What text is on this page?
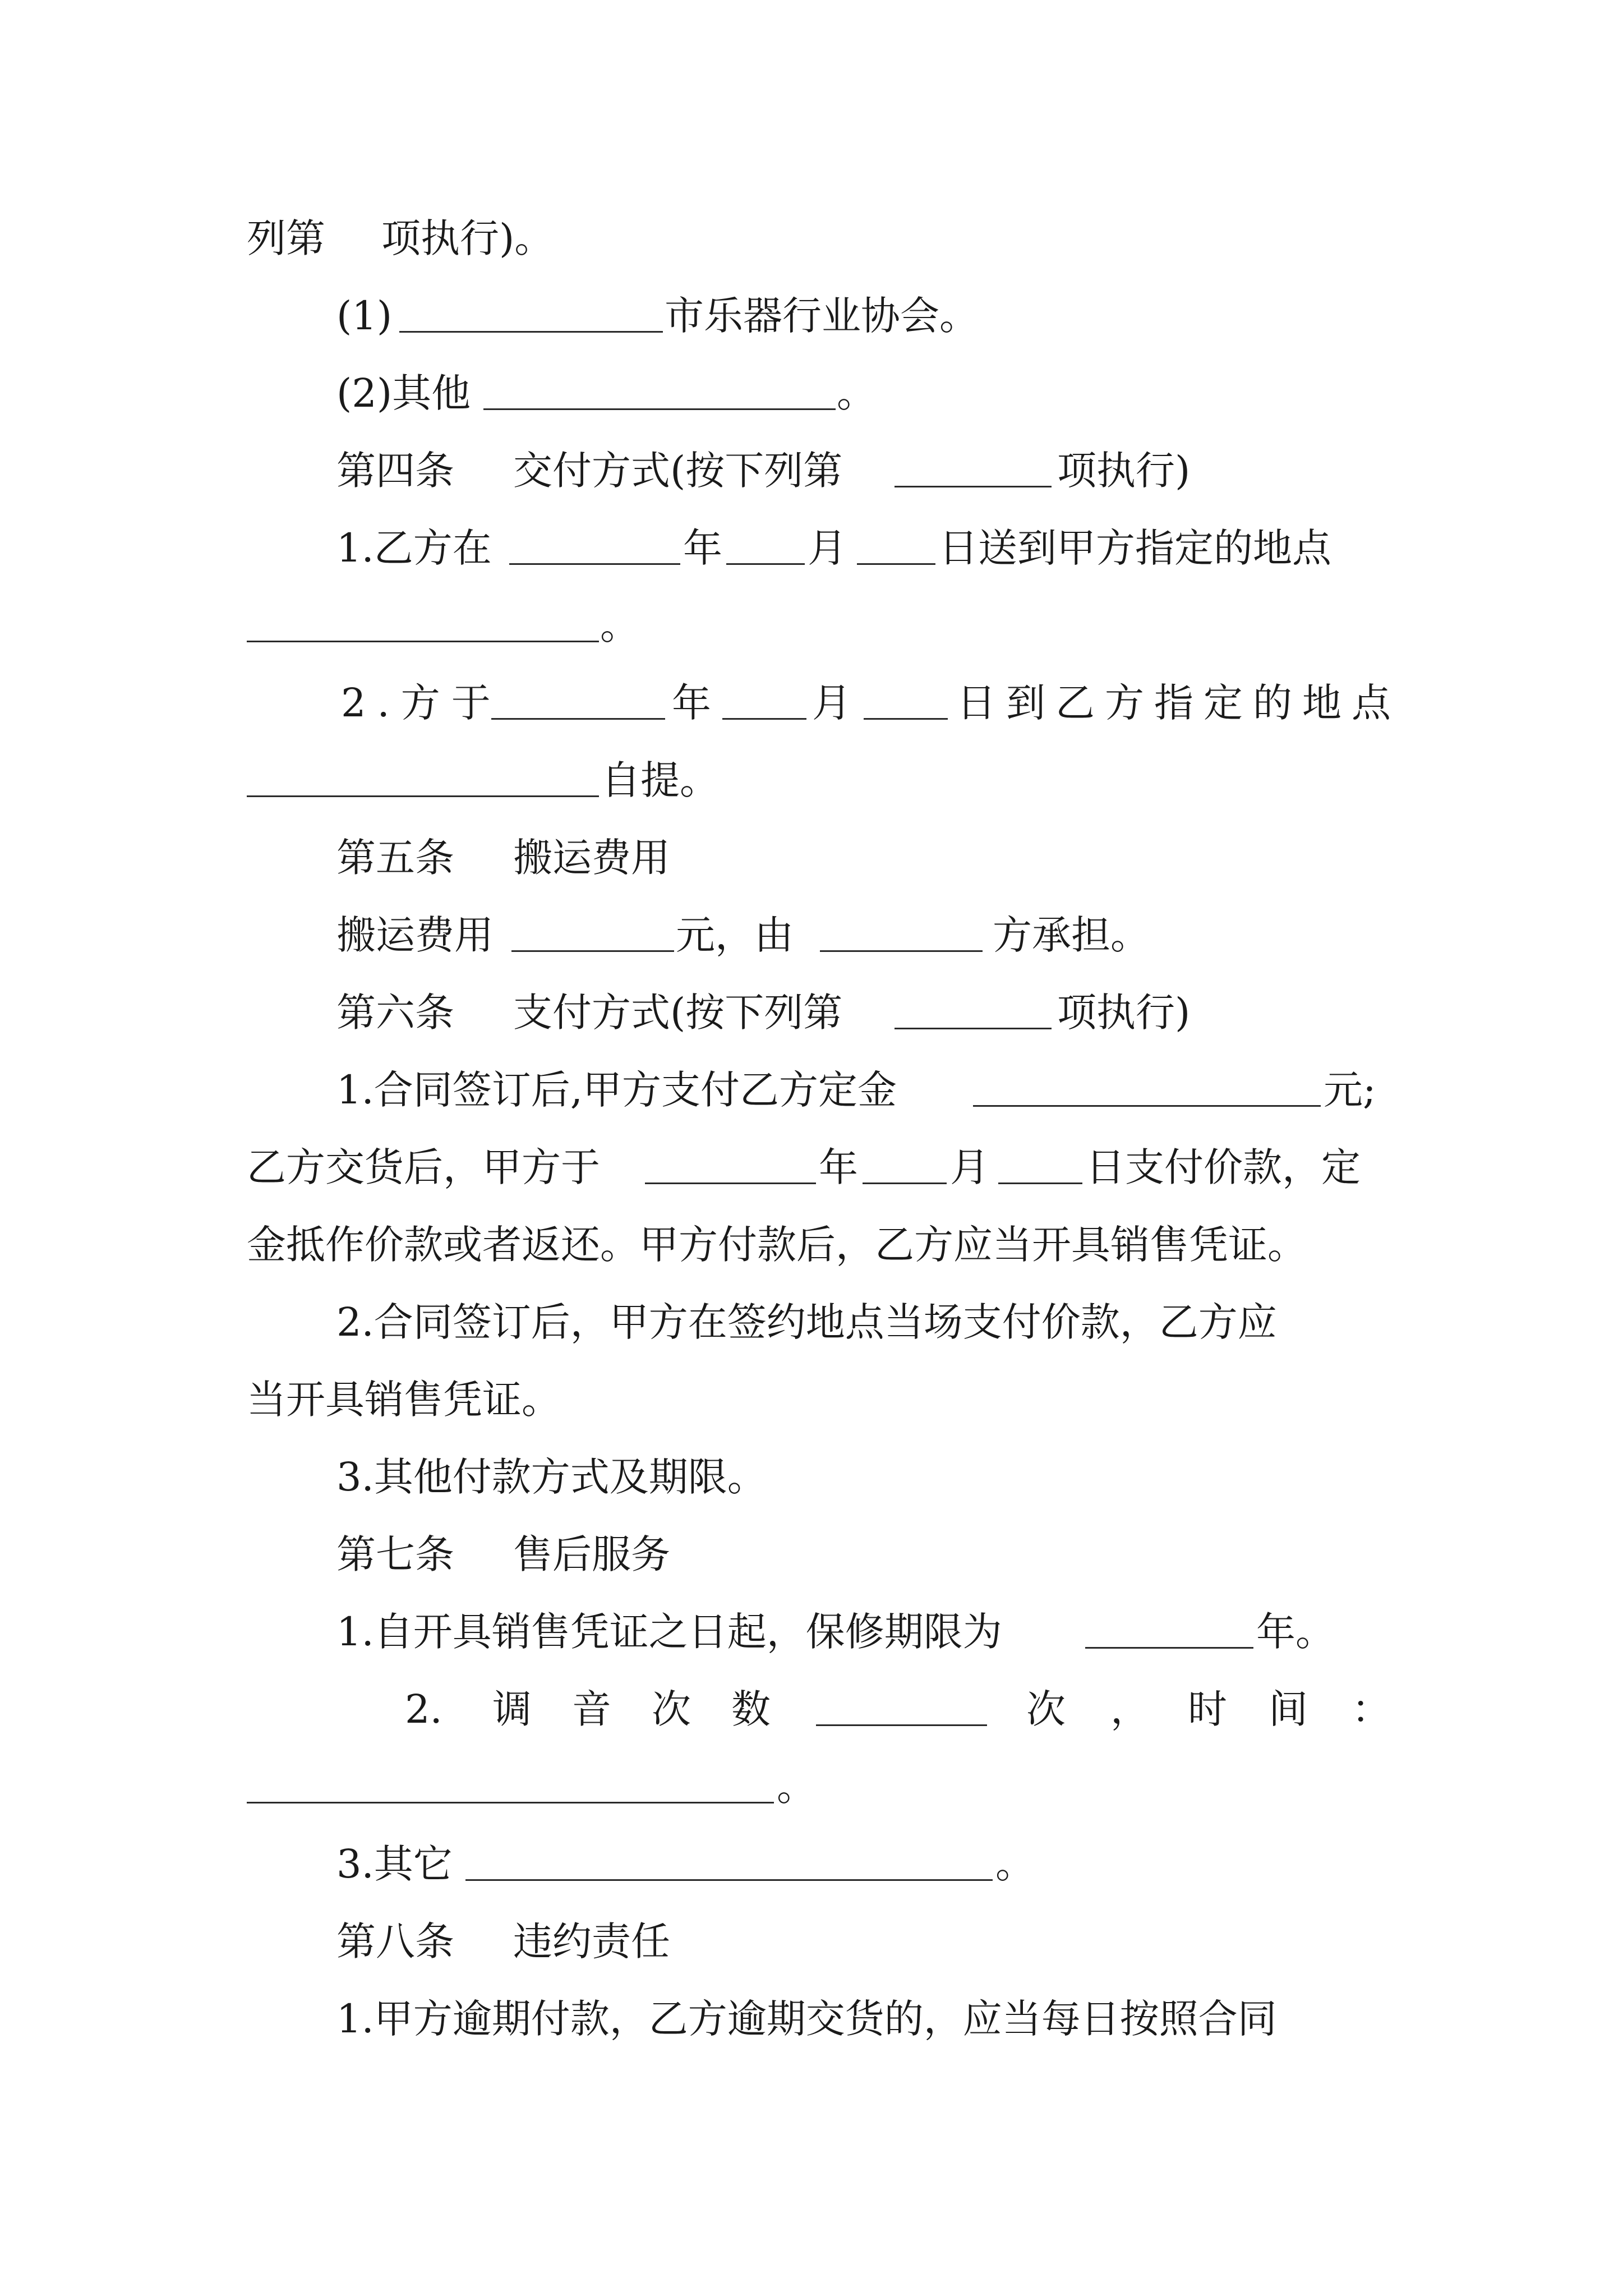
列第 项执行)。
(1)	市乐器行业协会。
(2)其他	。
第四条 交付方式(按下列第	项执行)
1.乙方在	年 月 日送到甲方指定的地点
。
2.方于	年	月	日到乙方指定的地点
自提。
第五条 搬运费用
搬运费用	元，由	方承担。
第六条 支付方式(按下列第	项执行)
1.合同签订后,甲方支付乙方定金	元;
乙方交货后，甲方于	年 月 日支付价款，定
金抵作价款或者返还。甲方付款后，乙方应当开具销售凭证。
2.合同签订后，甲方在签约地点当场支付价款，乙方应
当开具销售凭证。
3.其他付款方式及期限。
第七条 售后服务
1.自开具销售凭证之日起，保修期限为	年。
2. 调 音 次 数	次 ， 时 间 ：
。
3.其它	。
第八条 违约责任
1.甲方逾期付款，乙方逾期交货的，应当每日按照合同
